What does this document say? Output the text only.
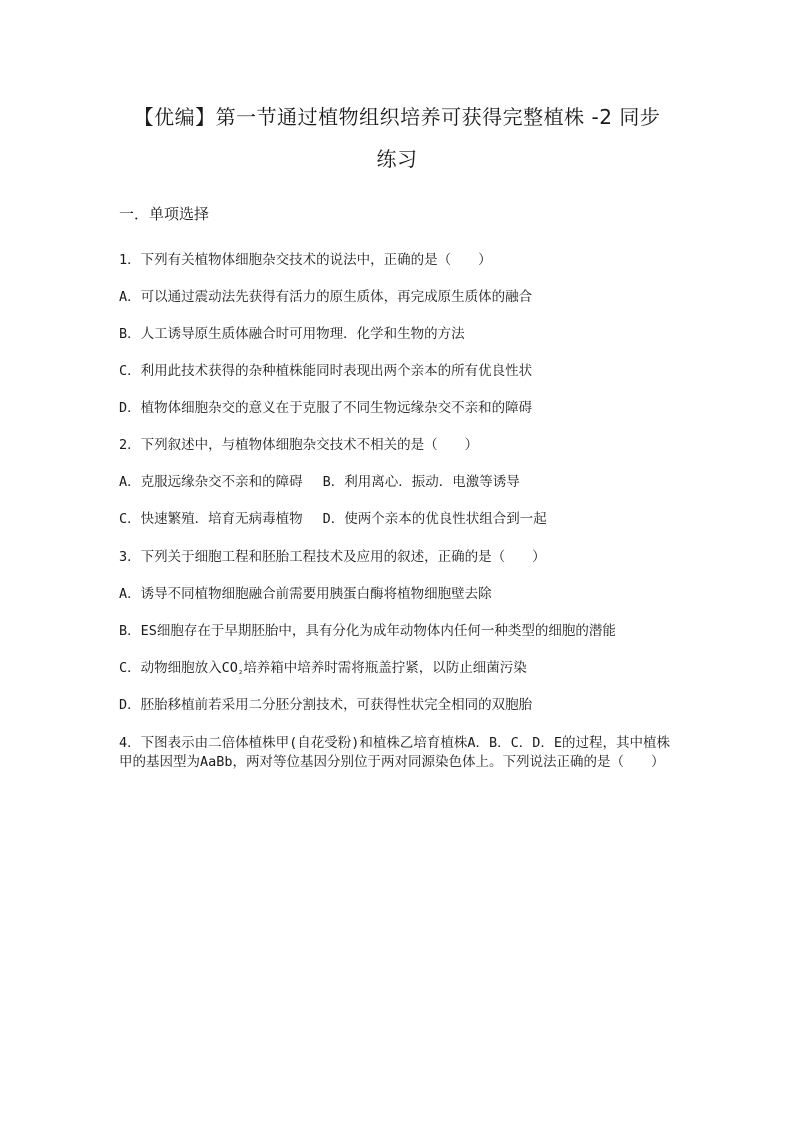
【优编】第一节通过植物组织培养可获得完整植株 -2 同步
练习
一．单项选择

1．下列有关植物体细胞杂交技术的说法中，正确的是（　　）

A．可以通过震动法先获得有活力的原生质体，再完成原生质体的融合

B．人工诱导原生质体融合时可用物理．化学和生物的方法

C．利用此技术获得的杂种植株能同时表现出两个亲本的所有优良性状

D．植物体细胞杂交的意义在于克服了不同生物远缘杂交不亲和的障碍

2．下列叙述中，与植物体细胞杂交技术不相关的是（　　）

A．克服远缘杂交不亲和的障碍 B．利用离心．振动．电激等诱导

C．快速繁殖．培育无病毒植物 D．使两个亲本的优良性状组合到一起

3．下列关于细胞工程和胚胎工程技术及应用的叙述，正确的是（　　）

A．诱导不同植物细胞融合前需要用胰蛋白酶将植物细胞壁去除

B．ES细胞存在于早期胚胎中，具有分化为成年动物体内任何一种类型的细胞的潜能

C．动物细胞放入$CO_{_2}$培养箱中培养时需将瓶盖拧紧，以防止细菌污染

D．胚胎移植前若采用二分胚分割技术，可获得性状完全相同的双胞胎

4．下图表示由二倍体植株甲(自花受粉)和植株乙培育植株A．B．C．D．E的过程，其中植株甲的基因型为AaBb，两对等位基因分别位于两对同源染色体上。下列说法正确的是（　　）
